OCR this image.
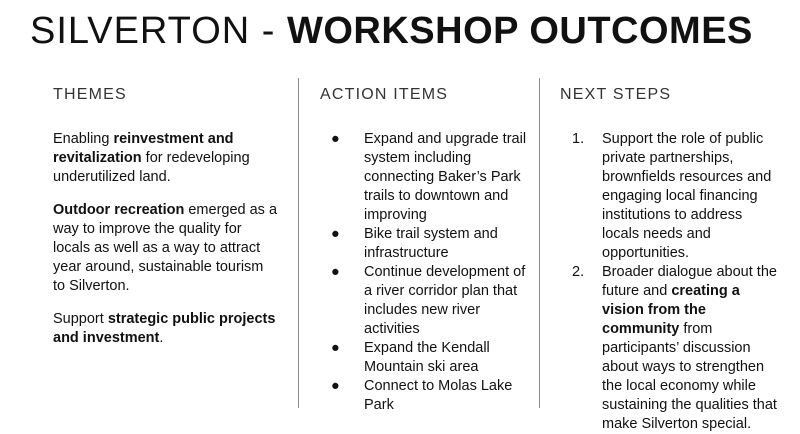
SILVERTON - WORKSHOP OUTCOMES
THEMES

Enabling reinvestment and revitalization for redeveloping underutilized land.

Outdoor recreation emerged as a way to improve the quality for locals as well as a way to attract year around, sustainable tourism to Silverton.

Support strategic public projects and investment.

ACTION ITEMS
● Expand and upgrade trail system including connecting Baker’s Park trails to downtown and improving
● Bike trail system and infrastructure
● Continue development of a river corridor plan that includes new river activities
● Expand the Kendall Mountain ski area
● Connect to Molas Lake Park
NEXT STEPS
1. Support the role of public private partnerships, brownfields resources and engaging local financing institutions to address locals needs and opportunities.
2. Broader dialogue about the future and creating a vision from the community from participants’ discussion about ways to strengthen the local economy while sustaining the qualities that make Silverton special.
